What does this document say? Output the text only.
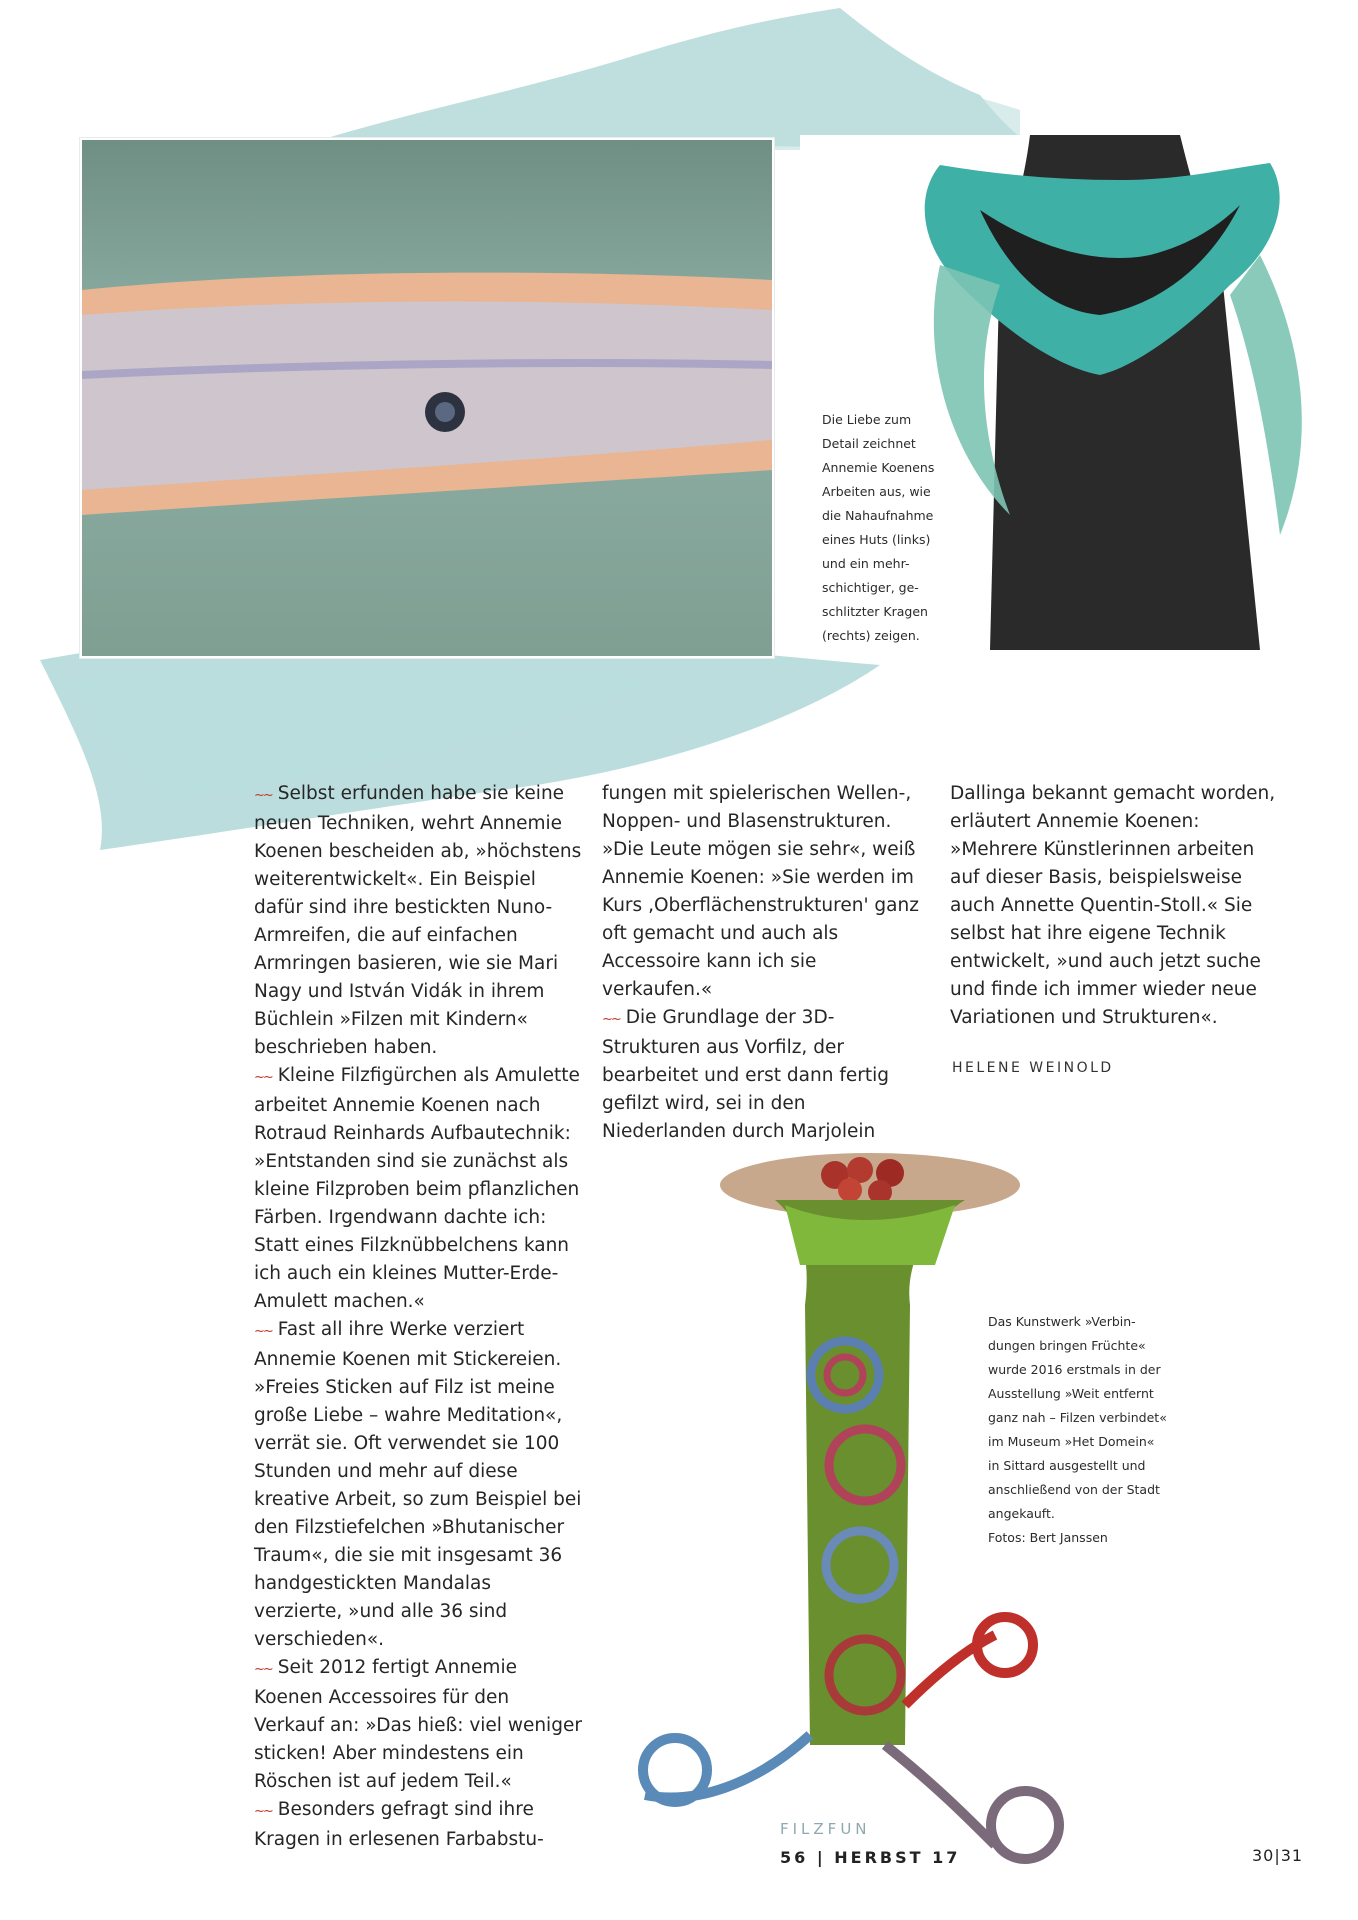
Die Liebe zum
Detail zeichnet
Annemie Koenens
Arbeiten aus, wie
die Nahaufnahme
eines Huts (links)
und ein mehr-
schichtiger, ge-
schlitzter Kragen
(rechts) zeigen.

~~ Selbst erfunden habe sie keine neuen Techniken, wehrt Annemie Koenen bescheiden ab, »höchstens weiterentwickelt«. Ein Beispiel dafür sind ihre bestickten Nuno-Armreifen, die auf einfachen Armringen basieren, wie sie Mari Nagy und István Vidák in ihrem Büchlein »Filzen mit Kindern« beschrieben haben.

~~ Kleine Filzfigürchen als Amulette arbeitet Annemie Koenen nach Rotraud Reinhards Aufbautechnik: »Entstanden sind sie zunächst als kleine Filzproben beim pflanzlichen Färben. Irgendwann dachte ich: Statt eines Filzknübbelchens kann ich auch ein kleines Mutter-Erde-Amulett machen.«

~~ Fast all ihre Werke verziert Annemie Koenen mit Stickereien. »Freies Sticken auf Filz ist meine große Liebe – wahre Meditation«, verrät sie. Oft verwendet sie 100 Stunden und mehr auf diese kreative Arbeit, so zum Beispiel bei den Filzstiefelchen »Bhutanischer Traum«, die sie mit insgesamt 36 handgestickten Mandalas verzierte, »und alle 36 sind verschieden«.

~~ Seit 2012 fertigt Annemie Koenen Accessoires für den Verkauf an: »Das hieß: viel weniger sticken! Aber mindestens ein Röschen ist auf jedem Teil.«

~~ Besonders gefragt sind ihre Kragen in erlesenen Farbabstu-

fungen mit spielerischen Wellen-, Noppen- und Blasenstrukturen. »Die Leute mögen sie sehr«, weiß Annemie Koenen: »Sie werden im Kurs ‚Oberflächenstrukturen' ganz oft gemacht und auch als Accessoire kann ich sie verkaufen.«

~~ Die Grundlage der 3D-Strukturen aus Vorfilz, der bearbeitet und erst dann fertig gefilzt wird, sei in den Niederlanden durch Marjolein

Dallinga bekannt gemacht worden, erläutert Annemie Koenen: »Mehrere Künstlerinnen arbeiten auf dieser Basis, beispielsweise auch Annette Quentin-Stoll.« Sie selbst hat ihre eigene Technik entwickelt, »und auch jetzt suche und finde ich immer wieder neue Variationen und Strukturen«.

HELENE WEINOLD
Das Kunstwerk »Verbin-
dungen bringen Früchte«
wurde 2016 erstmals in der
Ausstellung »Weit entfernt
ganz nah – Filzen verbindet«
im Museum »Het Domein«
in Sittard ausgestellt und
anschließend von der Stadt
angekauft.
Fotos: Bert Janssen
FILZFUN
56 | HERBST 17	30|31
